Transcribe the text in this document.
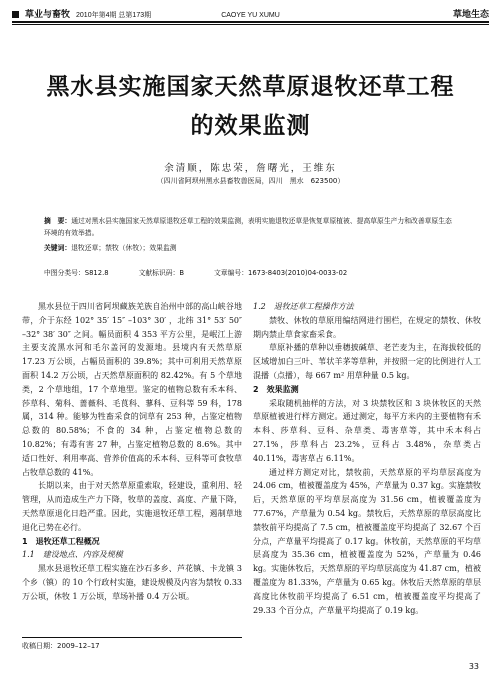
草业与畜牧 2010年第4期 总第173期	CAOYE YU XUMU	草地生态
黑水县实施国家天然草原退牧还草工程
的效果监测
余清顺，陈忠荣，詹曙光，王维东
（四川省阿坝州黑水县畜牧兽医局，四川　黑水　623500）
摘　要：通过对黑水县实施国家天然草原退牧还草工程的效果监测，表明实施退牧还草是恢复草原植被、提高草原生产力和改善草原生态环境的有效举措。
关键词：退牧还草；禁牧（休牧）；效果监测
中图分类号：S812.8	文献标识码：B	文章编号：1673-8403(2010)04-0033-02

黑水县位于四川省阿坝藏族羌族自治州中部的高山峡谷地带，介于东经 102° 35′ 15″ –103° 30′ ，北纬 31° 53′ 50″ –32° 38′ 30″ 之间。幅员面积 4 353 平方公里，是岷江上游主要支流黑水河和毛尔盖河的发源地。县境内有天然草原 17.23 万公顷，占幅员面积的 39.8%；其中可利用天然草原面积 14.2 万公顷，占天然草原面积的 82.42%。有 5 个草地类，2 个草地组，17 个草地型。鉴定的植物总数有禾本科、莎草科、菊科、蔷薇科、毛茛科、蓼科、豆科等 59 科，178 属，314 种。能够为牲畜采食的饲草有 253 种，占鉴定植物总数的 80.58%；不食的 34 种，占鉴定植物总数的 10.82%；有毒有害 27 种，占鉴定植物总数的 8.6%。其中适口性好、利用率高、营养价值高的禾本科、豆科等可食牧草占牧草总数的 41%。

长期以来，由于对天然草原重索取，轻建设，重利用、轻管理，从而造成生产力下降，牧草的盖度、高度、产量下降，天然草原退化日趋严重。因此，实施退牧还草工程，遏制草地退化已势在必行。

1　退牧还草工程概况

1.1　建设地点、内容及规模

黑水县退牧还草工程实施在沙石多乡、芦花镇、卡龙镇 3 个乡（镇）的 10 个行政村实施，建设规模及内容为禁牧 0.33 万公顷，休牧 1 万公顷，草场补播 0.4 万公顷。

1.2　退牧还草工程操作方法

禁牧、休牧的草原用编结网进行围栏，在规定的禁牧、休牧期内禁止草食家畜采食。

草原补播的草种以垂穗披碱草、老芒麦为主，在海拔较低的区域增加白三叶、苇状羊茅等草种，并按照一定的比例进行人工混播（点播），每 667 m² 用草种量 0.5 kg。

2　效果监测

采取随机抽样的方法，对 3 块禁牧区和 3 块休牧区的天然草原植被进行样方测定。通过测定，每平方米内的主要植物有禾本科、莎草科、豆科、杂草类、毒害草等，其中禾本科占 27.1%，莎草科占 23.2%，豆科占 3.48%，杂草类占 40.11%，毒害草占 6.11%。

通过样方测定对比，禁牧前，天然草原的平均草层高度为 24.06 cm，植被覆盖度为 45%，产草量为 0.37 kg。实施禁牧后，天然草原的平均草层高度为 31.56 cm，植被覆盖度为 77.67%，产草量为 0.54 kg。禁牧后，天然草原的草层高度比禁牧前平均提高了 7.5 cm，植被覆盖度平均提高了 32.67 个百分点，产草量平均提高了 0.17 kg。休牧前，天然草原的平均草层高度为 35.36 cm，植被覆盖度为 52%，产草量为 0.46 kg。实施休牧后，天然草原的平均草层高度为 41.87 cm，植被覆盖度为 81.33%，产草量为 0.65 kg。休牧后天然草原的草层高度比休牧前平均提高了 6.51 cm，植被覆盖度平均提高了 29.33 个百分点，产草量平均提高了 0.19 kg。

收稿日期：2009–12–17
33
